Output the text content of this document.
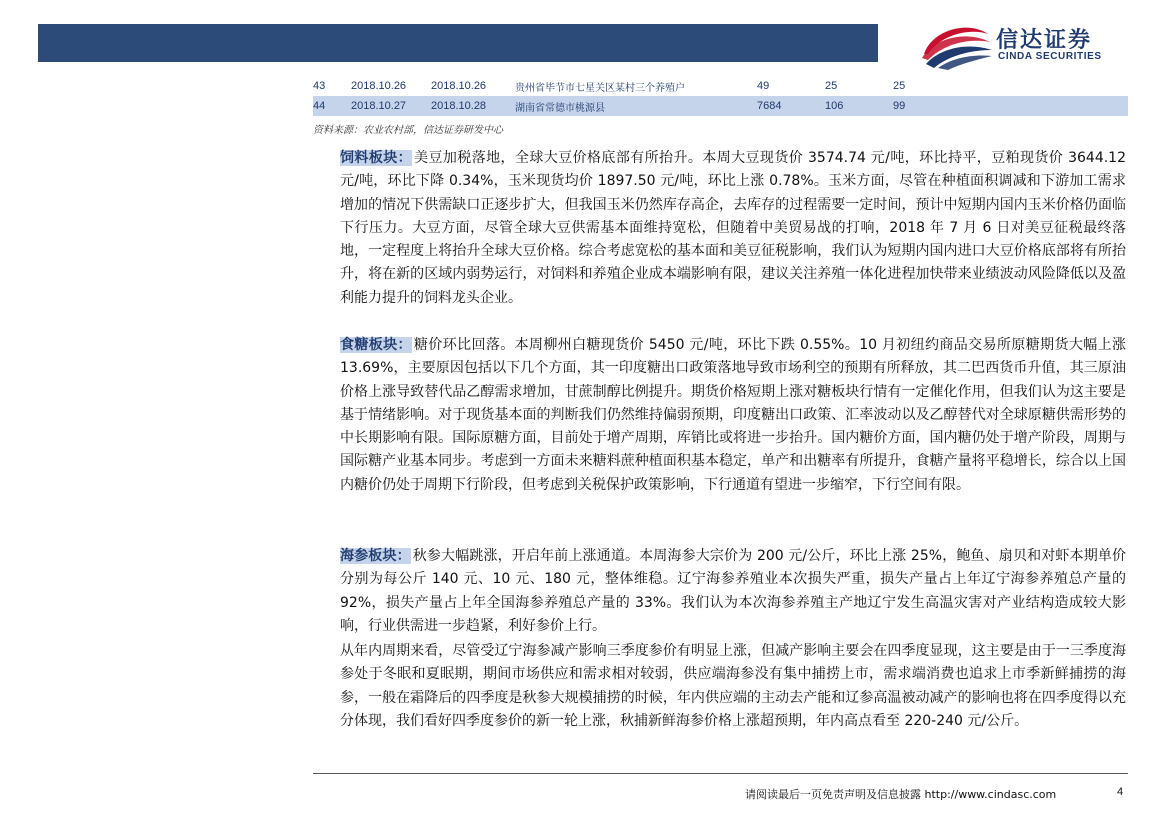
信达证券
CINDA SECURITIES
43	2018.10.26	2018.10.26	贵州省毕节市七星关区某村三个养殖户	49	25	25
44	2018.10.27	2018.10.28	湖南省常德市桃源县	7684	106	99
资料来源：农业农村部，信达证券研发中心

饲料板块： 美豆加税落地，全球大豆价格底部有所抬升。本周大豆现货价 3574.74 元/吨，环比持平，豆粕现货价 3644.12 元/吨，环比下降 0.34%，玉米现货均价 1897.50 元/吨，环比上涨 0.78%。玉米方面，尽管在种植面积调减和下游加工需求增加的情况下供需缺口正逐步扩大，但我国玉米仍然库存高企，去库存的过程需要一定时间，预计中短期内国内玉米价格仍面临下行压力。大豆方面，尽管全球大豆供需基本面维持宽松，但随着中美贸易战的打响，2018 年 7 月 6 日对美豆征税最终落地，一定程度上将抬升全球大豆价格。综合考虑宽松的基本面和美豆征税影响，我们认为短期内国内进口大豆价格底部将有所抬升，将在新的区域内弱势运行，对饲料和养殖企业成本端影响有限，建议关注养殖一体化进程加快带来业绩波动风险降低以及盈利能力提升的饲料龙头企业。

食糖板块： 糖价环比回落。本周柳州白糖现货价 5450 元/吨，环比下跌 0.55%。10 月初纽约商品交易所原糖期货大幅上涨 13.69%，主要原因包括以下几个方面，其一印度糖出口政策落地导致市场利空的预期有所释放，其二巴西货币升值，其三原油价格上涨导致替代品乙醇需求增加，甘蔗制醇比例提升。期货价格短期上涨对糖板块行情有一定催化作用，但我们认为这主要是基于情绪影响。对于现货基本面的判断我们仍然维持偏弱预期，印度糖出口政策、汇率波动以及乙醇替代对全球原糖供需形势的中长期影响有限。国际原糖方面，目前处于增产周期，库销比或将进一步抬升。国内糖价方面，国内糖仍处于增产阶段，周期与国际糖产业基本同步。考虑到一方面未来糖料蔗种植面积基本稳定，单产和出糖率有所提升，食糖产量将平稳增长，综合以上国内糖价仍处于周期下行阶段，但考虑到关税保护政策影响，下行通道有望进一步缩窄，下行空间有限。

海参板块： 秋参大幅跳涨，开启年前上涨通道。本周海参大宗价为 200 元/公斤，环比上涨 25%，鲍鱼、扇贝和对虾本期单价分别为每公斤 140 元、10 元、180 元，整体维稳。辽宁海参养殖业本次损失严重，损失产量占上年辽宁海参养殖总产量的 92%，损失产量占上年全国海参养殖总产量的 33%。我们认为本次海参养殖主产地辽宁发生高温灾害对产业结构造成较大影响，行业供需进一步趋紧，利好参价上行。

从年内周期来看，尽管受辽宁海参减产影响三季度参价有明显上涨，但减产影响主要会在四季度显现，这主要是由于一三季度海参处于冬眠和夏眠期，期间市场供应和需求相对较弱，供应端海参没有集中捕捞上市，需求端消费也追求上市季新鲜捕捞的海参，一般在霜降后的四季度是秋参大规模捕捞的时候，年内供应端的主动去产能和辽参高温被动减产的影响也将在四季度得以充分体现，我们看好四季度参价的新一轮上涨，秋捕新鲜海参价格上涨超预期，年内高点看至 220-240 元/公斤。

请阅读最后一页免责声明及信息披露 http://www.cindasc.com	4
